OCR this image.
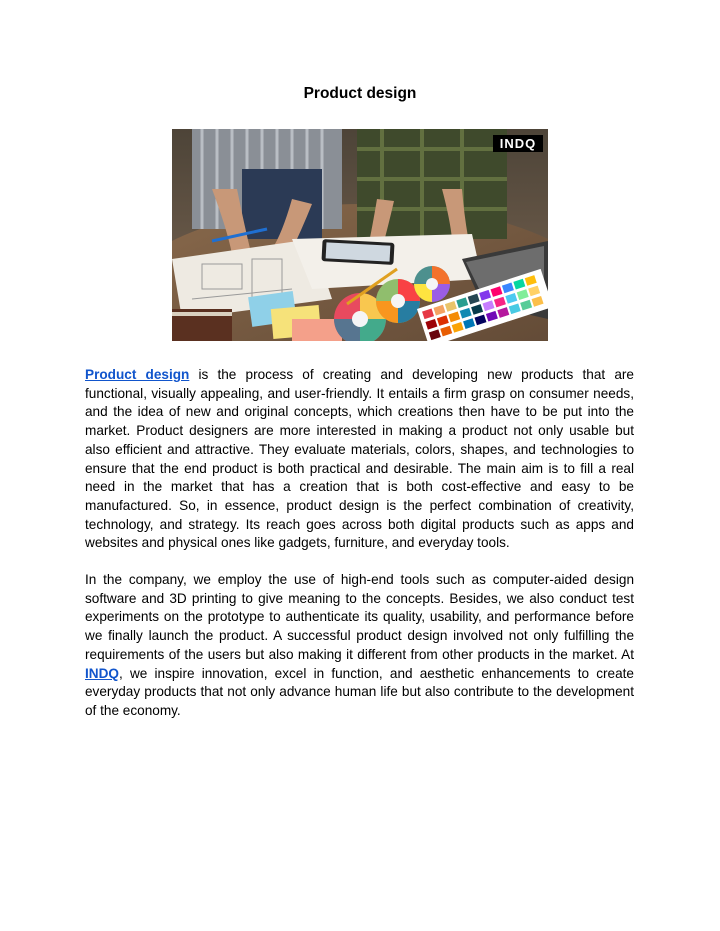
Product design
INDQ

Product design is the process of creating and developing new products that are functional, visually appealing, and user-friendly. It entails a firm grasp on consumer needs, and the idea of new and original concepts, which creations then have to be put into the market. Product designers are more interested in making a product not only usable but also efficient and attractive. They evaluate materials, colors, shapes, and technologies to ensure that the end product is both practical and desirable. The main aim is to fill a real need in the market that has a creation that is both cost-effective and easy to be manufactured. So, in essence, product design is the perfect combination of creativity, technology, and strategy. Its reach goes across both digital products such as apps and websites and physical ones like gadgets, furniture, and everyday tools.

In the company, we employ the use of high-end tools such as computer-aided design software and 3D printing to give meaning to the concepts. Besides, we also conduct test experiments on the prototype to authenticate its quality, usability, and performance before we finally launch the product. A successful product design involved not only fulfilling the requirements of the users but also making it different from other products in the market. At INDQ, we inspire innovation, excel in function, and aesthetic enhancements to create everyday products that not only advance human life but also contribute to the development of the economy.
